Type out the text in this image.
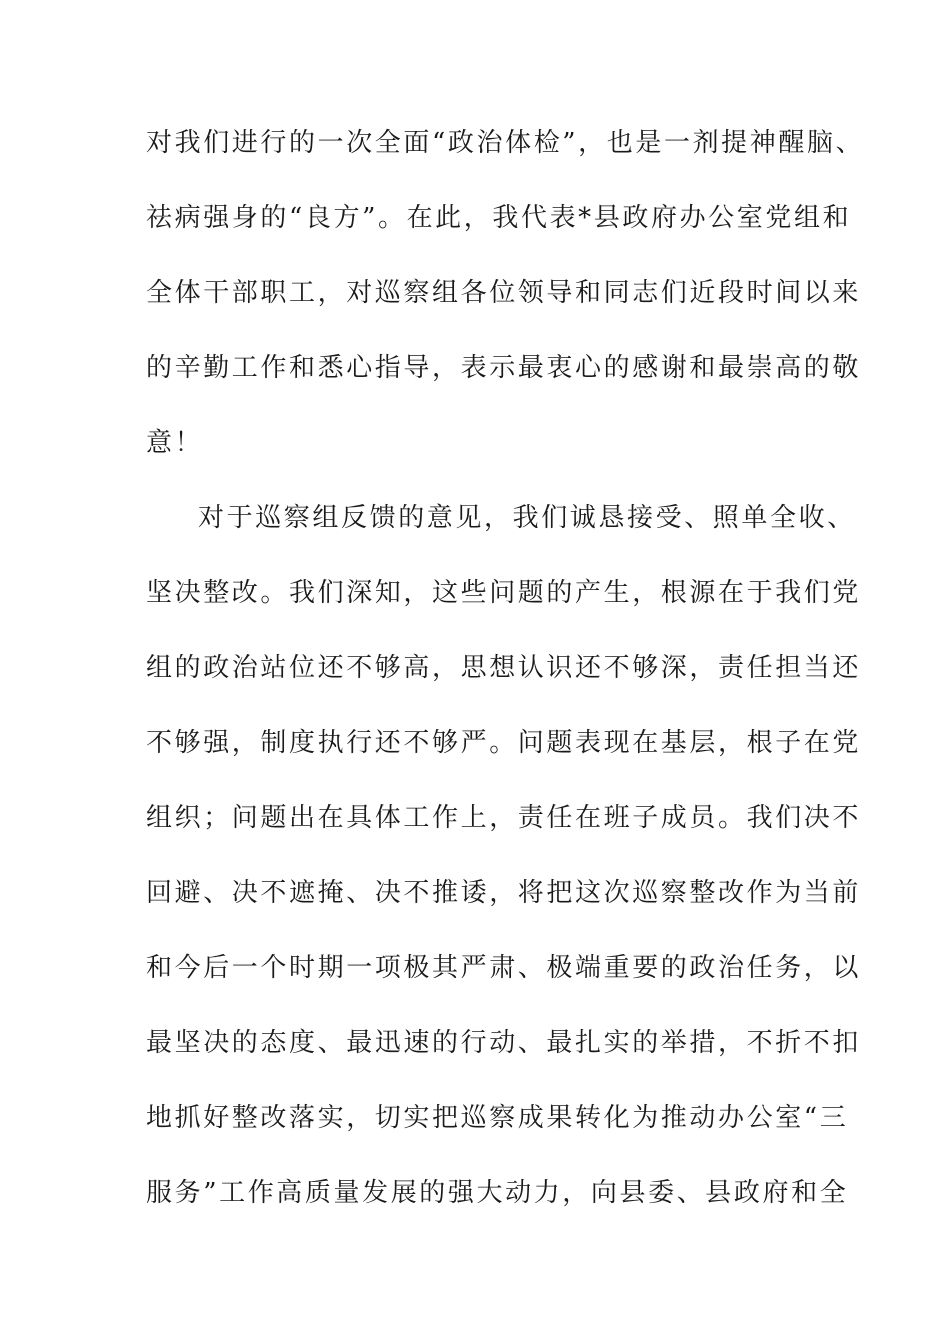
对我们进行的一次全面“政治体检”，也是一剂提神醒脑、
祛病强身的“良方”。在此，我代表*县政府办公室党组和
全体干部职工，对巡察组各位领导和同志们近段时间以来
的辛勤工作和悉心指导，表示最衷心的感谢和最崇高的敬
意！
对于巡察组反馈的意见，我们诚恳接受、照单全收、
坚决整改。我们深知，这些问题的产生，根源在于我们党
组的政治站位还不够高，思想认识还不够深，责任担当还
不够强，制度执行还不够严。问题表现在基层，根子在党
组织；问题出在具体工作上，责任在班子成员。我们决不
回避、决不遮掩、决不推诿，将把这次巡察整改作为当前
和今后一个时期一项极其严肃、极端重要的政治任务，以
最坚决的态度、最迅速的行动、最扎实的举措，不折不扣
地抓好整改落实，切实把巡察成果转化为推动办公室“三
服务”工作高质量发展的强大动力，向县委、县政府和全
